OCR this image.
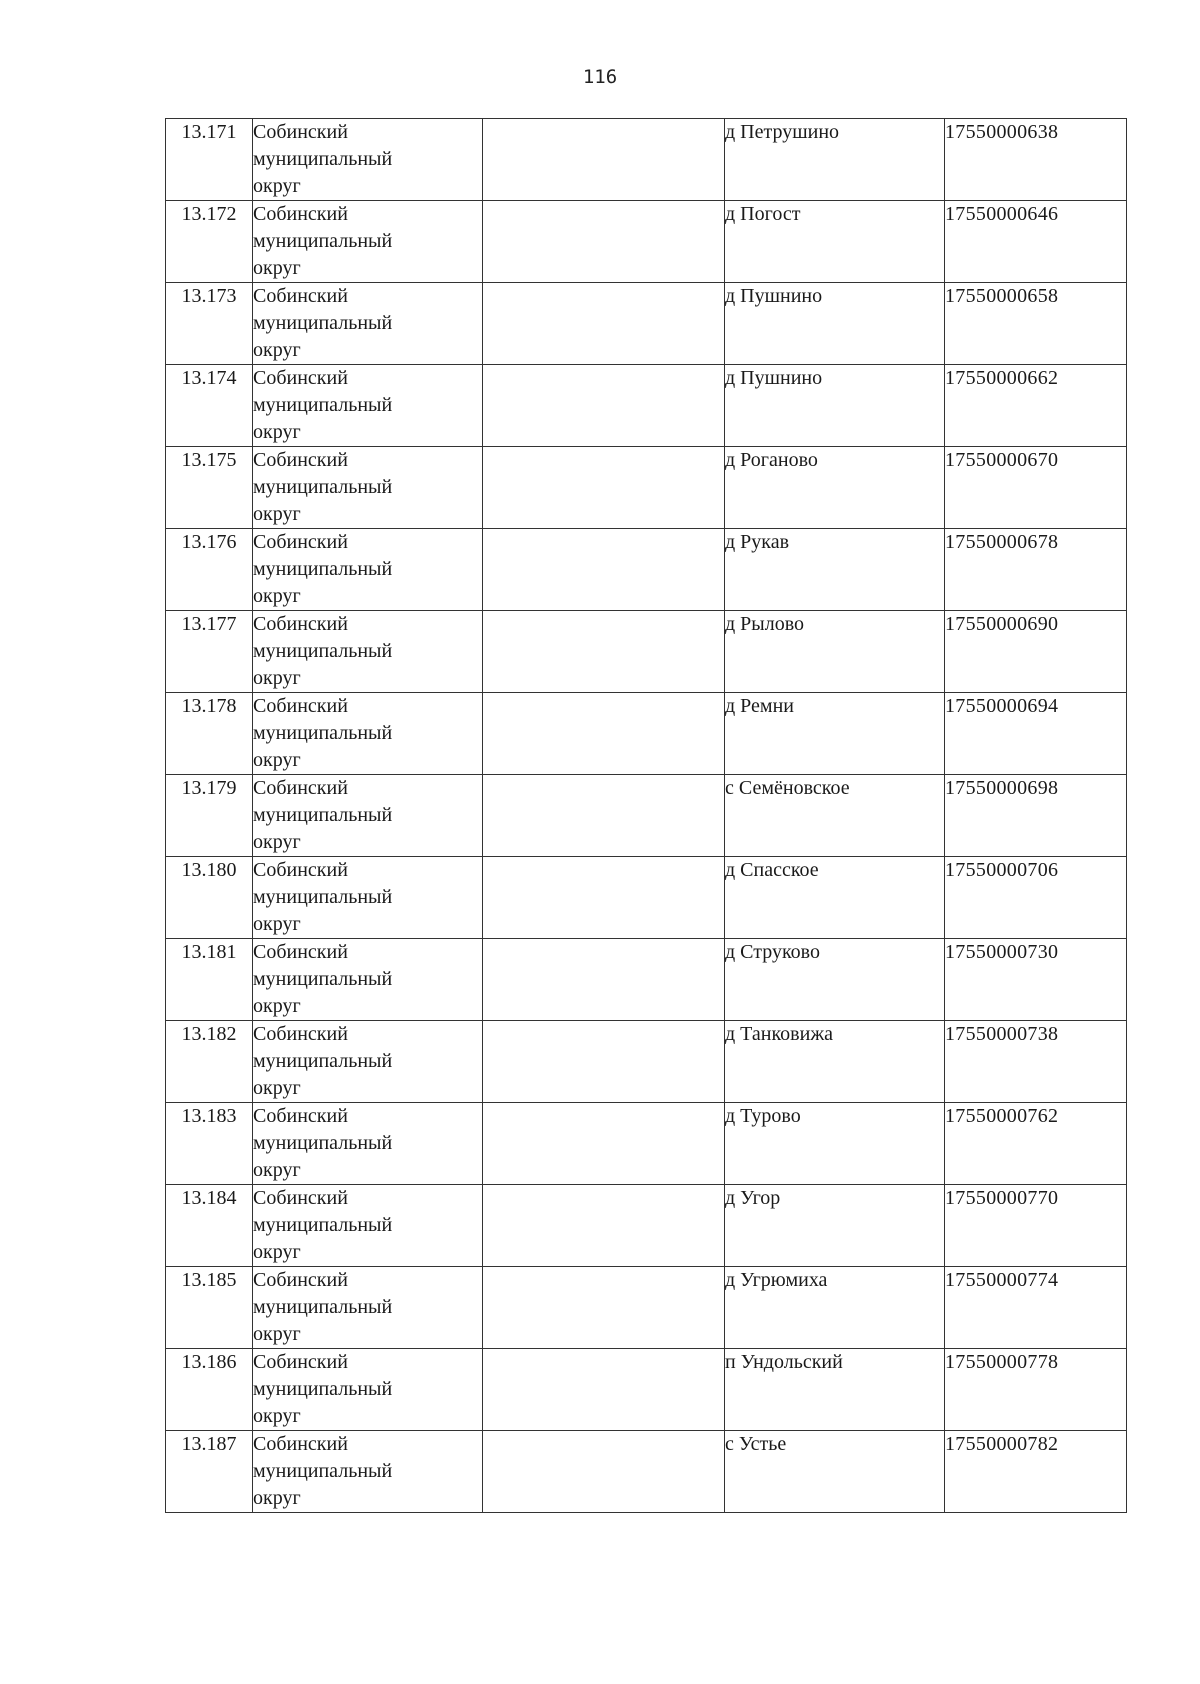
116
13.171	Собинский
муниципальный
округ		д Петрушино	17550000638
13.172	Собинский
муниципальный
округ		д Погост	17550000646
13.173	Собинский
муниципальный
округ		д Пушнино	17550000658
13.174	Собинский
муниципальный
округ		д Пушнино	17550000662
13.175	Собинский
муниципальный
округ		д Роганово	17550000670
13.176	Собинский
муниципальный
округ		д Рукав	17550000678
13.177	Собинский
муниципальный
округ		д Рылово	17550000690
13.178	Собинский
муниципальный
округ		д Ремни	17550000694
13.179	Собинский
муниципальный
округ		с Семёновское	17550000698
13.180	Собинский
муниципальный
округ		д Спасское	17550000706
13.181	Собинский
муниципальный
округ		д Струково	17550000730
13.182	Собинский
муниципальный
округ		д Танковижа	17550000738
13.183	Собинский
муниципальный
округ		д Турово	17550000762
13.184	Собинский
муниципальный
округ		д Угор	17550000770
13.185	Собинский
муниципальный
округ		д Угрюмиха	17550000774
13.186	Собинский
муниципальный
округ		п Ундольский	17550000778
13.187	Собинский
муниципальный
округ		с Устье	17550000782
